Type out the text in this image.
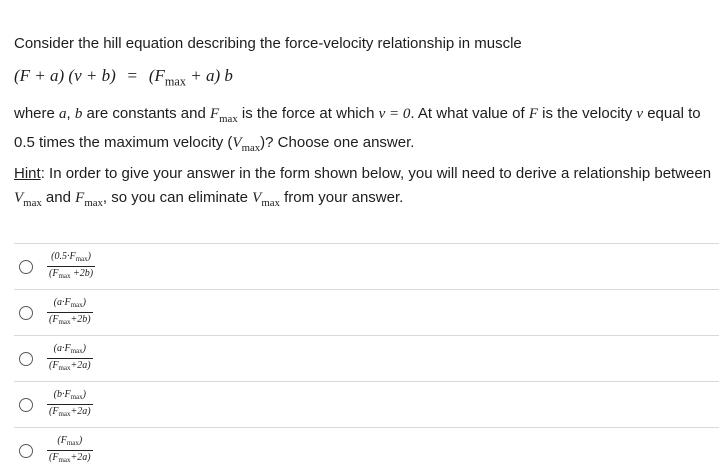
Consider the hill equation describing the force-velocity relationship in muscle
(F + a) $(v + b) = (F_{max} + a)$ b
where a, b are constants and $F_{max}$ is the force at which v = 0. At what value of F is the velocity v equal to 0.5 times the maximum velocity $(V_{max})$? Choose one answer.
Hint: In order to give your answer in the form shown below, you will need to derive a relationship between $V_{max}$ and $F_{max}$, so you can eliminate $V_{max}$ from your answer.
$\frac{(0.5\cdot F_{max})}{(F_{max} +2b)}$
$\frac{(a\cdot F_{max})}{(F_{max}+2b)}$
$\frac{(a\cdot F_{max})}{(F_{max}+2a)}$
$\frac{(b\cdot F_{max})}{(F_{max}+2a)}$
$\frac{(F_{max})}{(F_{max}+2a)}$
